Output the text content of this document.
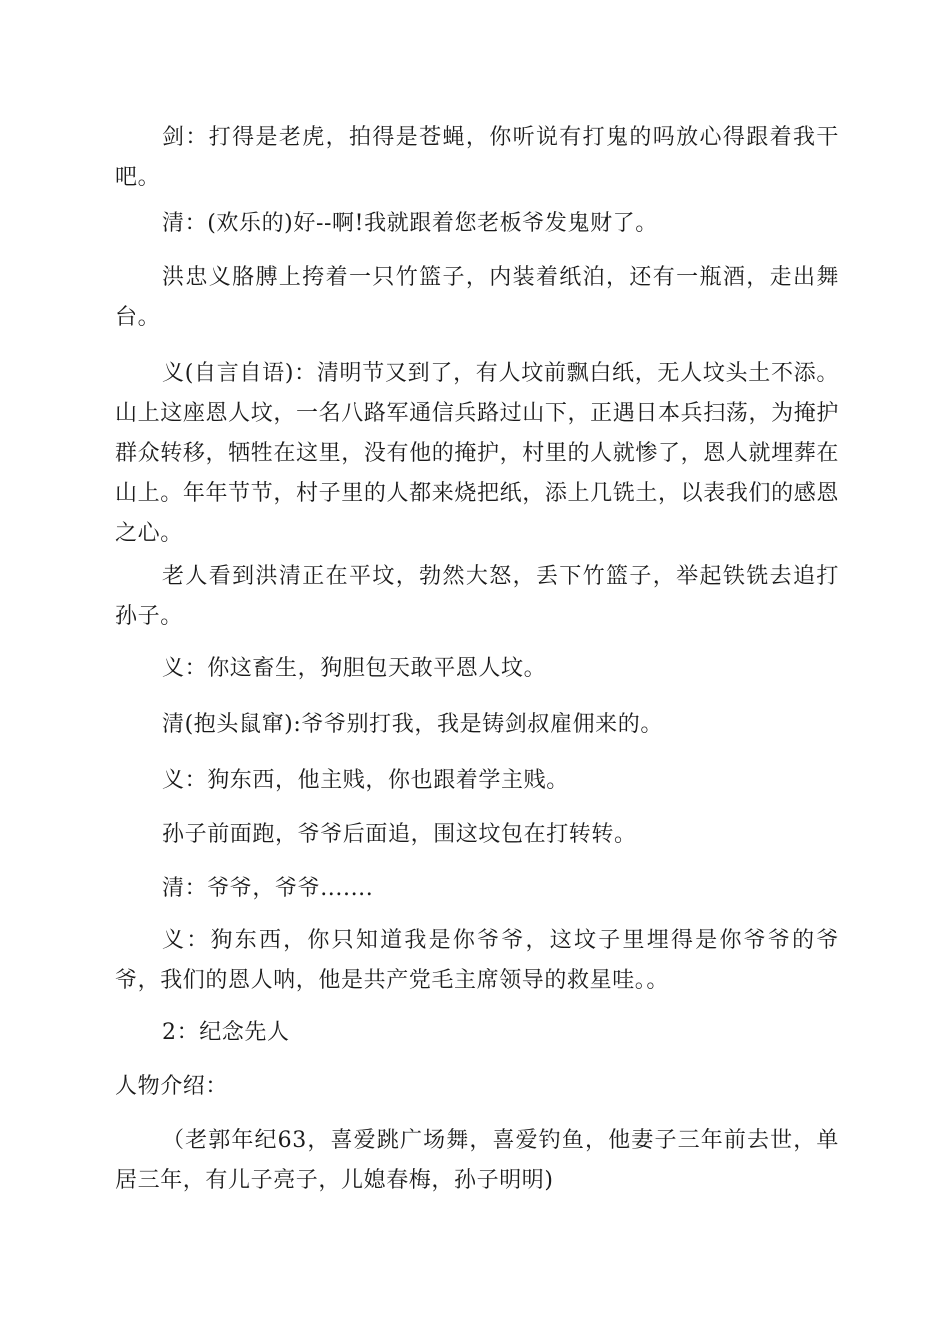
剑：打得是老虎，拍得是苍蝇，你听说有打鬼的吗放心得跟着我干吧。

清：(欢乐的)好--啊!我就跟着您老板爷发鬼财了。

洪忠义胳膊上挎着一只竹篮子，内装着纸泊，还有一瓶酒，走出舞台。

义(自言自语)：清明节又到了，有人坟前飘白纸，无人坟头土不添。山上这座恩人坟，一名八路军通信兵路过山下，正遇日本兵扫荡，为掩护群众转移，牺牲在这里，没有他的掩护，村里的人就惨了，恩人就埋葬在山上。年年节节，村子里的人都来烧把纸，添上几铣土，以表我们的感恩之心。

老人看到洪清正在平坟，勃然大怒，丢下竹篮子，举起铁铣去追打孙子。

义：你这畜生，狗胆包天敢平恩人坟。

清(抱头鼠窜):爷爷别打我，我是铸剑叔雇佣来的。

义：狗东西，他主贱，你也跟着学主贱。

孙子前面跑，爷爷后面追，围这坟包在打转转。

清：爷爷，爷爷.......

义：狗东西，你只知道我是你爷爷，这坟子里埋得是你爷爷的爷爷，我们的恩人呐，他是共产党毛主席领导的救星哇。。

2：纪念先人

人物介绍：

（老郭年纪63，喜爱跳广场舞，喜爱钓鱼，他妻子三年前去世，单居三年，有儿子亮子，儿媳春梅，孙子明明)
